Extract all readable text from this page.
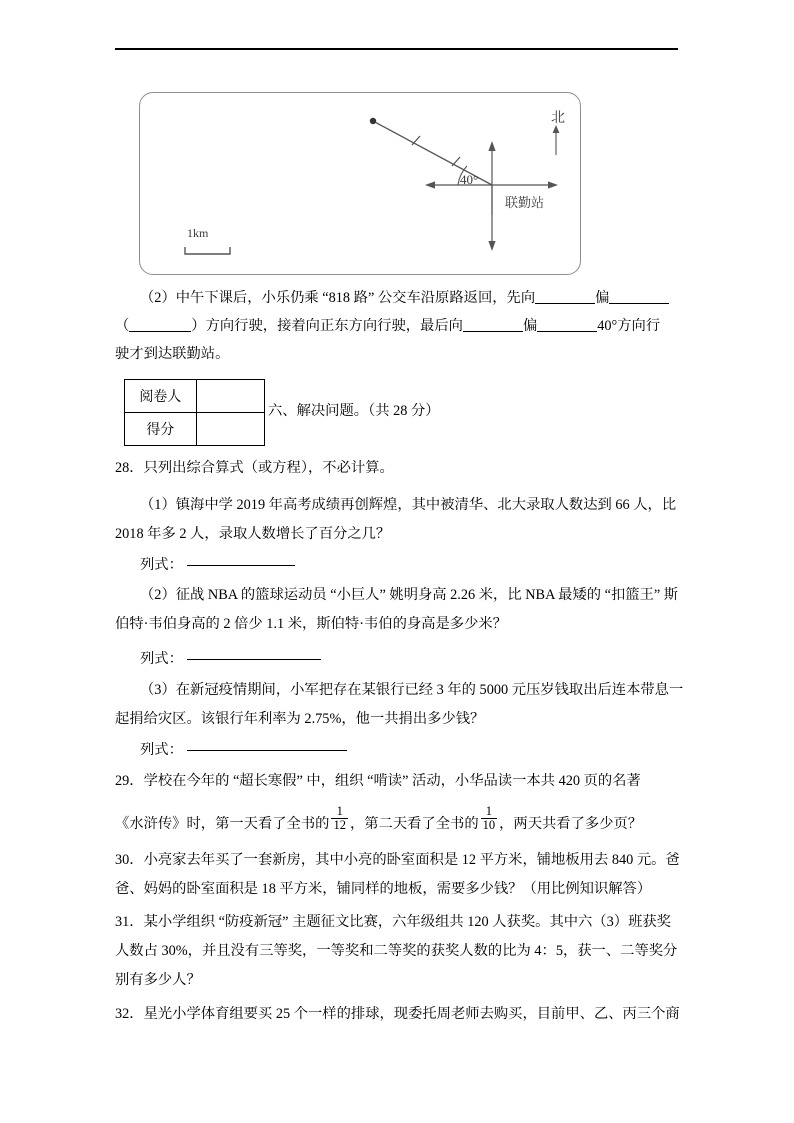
北
40°
联勤站
1km
（2）中午下课后，小乐仍乘 “818 路” 公交车沿原路返回，先向	偏
（	）方向行驶，接着向正东方向行驶，最后向	偏	40°方向行
驶才到达联勤站。
阅卷人	
得分	
六、解决问题。（共 28 分）
28．只列出综合算式（或方程），不必计算。
（1）镇海中学 2019 年高考成绩再创辉煌，其中被清华、北大录取人数达到 66 人，比
2018 年多 2 人，录取人数增长了百分之几？
列式：
（2）征战 NBA 的篮球运动员 “小巨人” 姚明身高 2.26 米，比 NBA 最矮的 “扣篮王” 斯
伯特·韦伯身高的 2 倍少 1.1 米，斯伯特·韦伯的身高是多少米？
列式：
（3）在新冠疫情期间，小军把存在某银行已经 3 年的 5000 元压岁钱取出后连本带息一
起捐给灾区。该银行年利率为 2.75%，他一共捐出多少钱？
列式：
29．学校在今年的 “超长寒假” 中，组织 “啃读” 活动，小华品读一本共 420 页的名著
《水浒传》时，第一天看了全书的 $\frac{1}{12}$ ，第二天看了全书的 $\frac{1}{10}$ ，两天共看了多少页？
30．小亮家去年买了一套新房，其中小亮的卧室面积是 12 平方米，铺地板用去 840 元。爸
爸、妈妈的卧室面积是 18 平方米，铺同样的地板，需要多少钱？（用比例知识解答）
31．某小学组织 “防疫新冠” 主题征文比赛，六年级组共 120 人获奖。其中六（3）班获奖
人数占 30%，并且没有三等奖，一等奖和二等奖的获奖人数的比为 4：5，获一、二等奖分
别有多少人？
32．星光小学体育组要买 25 个一样的排球，现委托周老师去购买，目前甲、乙、丙三个商
